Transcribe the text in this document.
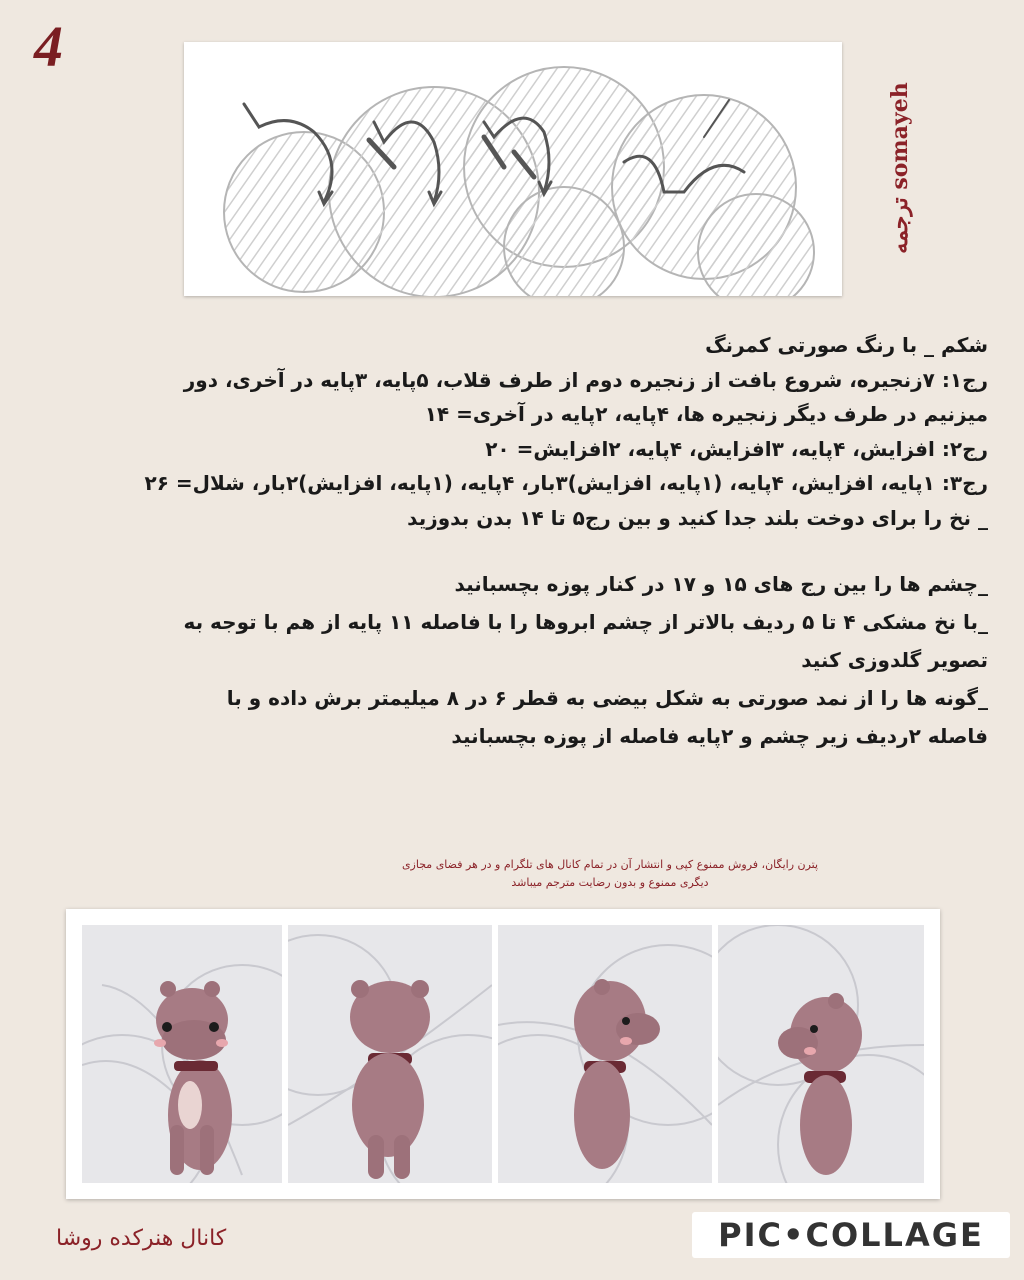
4
ترجمه somayeh

شکم _ با رنگ صورتی کمرنگ

رج۱: ۷زنجیره، شروع بافت از زنجیره دوم از طرف قلاب، ۵پایه، ۳پایه در آخری، دور

میزنیم در طرف دیگر زنجیره ها، ۴پایه، ۲پایه در آخری= ۱۴

رج۲: افزایش، ۴پایه، ۳افزایش، ۴پایه، ۲افزایش= ۲۰

رج۳: ۱پایه، افزایش، ۴پایه، (۱پایه، افزایش)۳بار، ۴پایه، (۱پایه، افزایش)۲بار، شلال= ۲۶

_ نخ را برای دوخت بلند جدا کنید و بین رج۵ تا ۱۴ بدن بدوزید

_چشم ها را بین رج های ۱۵ و ۱۷ در کنار پوزه بچسبانید

_با نخ مشکی ۴ تا ۵ ردیف بالاتر از چشم ابروها را با فاصله ۱۱ پایه از هم با توجه به

تصویر گلدوزی کنید

_گونه ها را از نمد صورتی به شکل بیضی به قطر ۶ در ۸ میلیمتر برش داده و با

فاصله ۲ردیف زیر چشم و ۲پایه فاصله از پوزه بچسبانید

پترن رایگان، فروش ممنوع کپی و انتشار آن در تمام کانال های تلگرام و در هر فضای مجازی
دیگری ممنوع و بدون رضایت مترجم میباشد
کانال هنرکده روشا	PIC•COLLAGE
